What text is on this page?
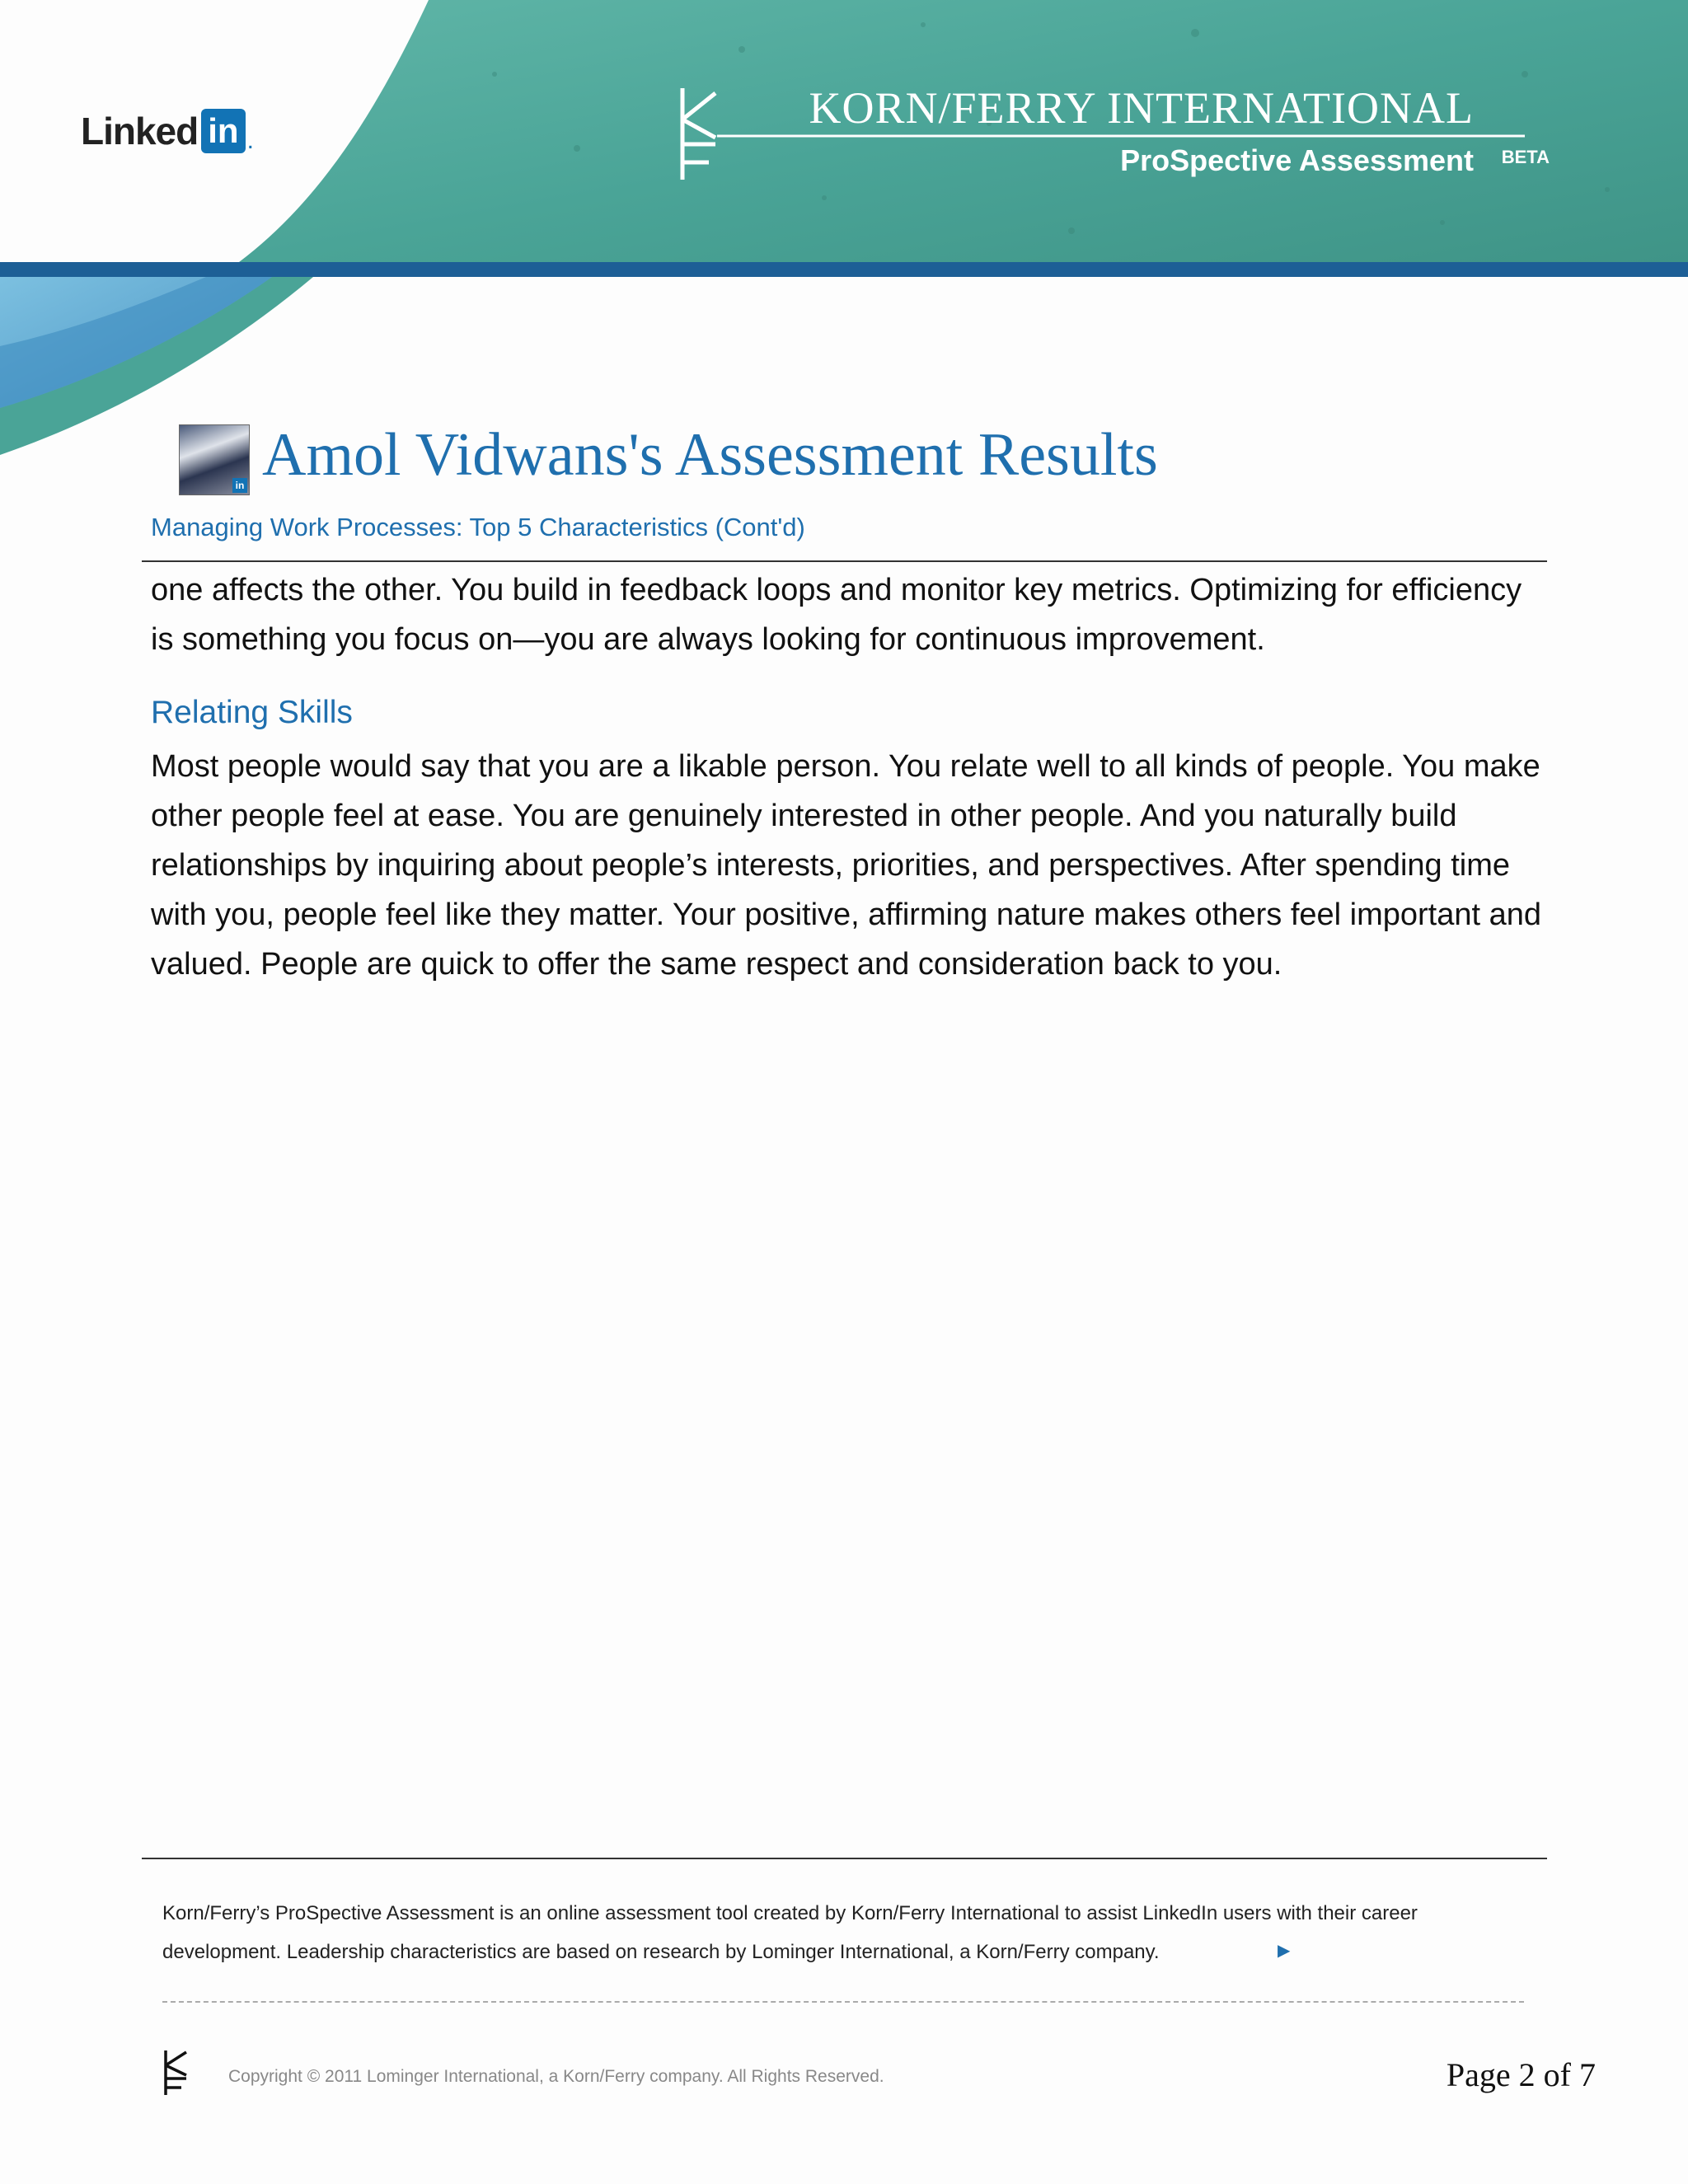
Linked in .
KORN/FERRY INTERNATIONAL
ProSpective Assessment BETA
in Amol Vidwans's Assessment Results
Managing Work Processes: Top 5 Characteristics (Cont'd)
one affects the other. You build in feedback loops and monitor key metrics. Optimizing for efficiency is something you focus on—you are always looking for continuous improvement.
Relating Skills
Most people would say that you are a likable person. You relate well to all kinds of people. You make other people feel at ease. You are genuinely interested in other people. And you naturally build relationships by inquiring about people’s interests, priorities, and perspectives. After spending time with you, people feel like they matter. Your positive, affirming nature makes others feel important and valued. People are quick to offer the same respect and consideration back to you.
Korn/Ferry’s ProSpective Assessment is an online assessment tool created by Korn/Ferry International to assist LinkedIn users with their career development. Leadership characteristics are based on research by Lominger International, a Korn/Ferry company.	▶
Copyright © 2011 Lominger International, a Korn/Ferry company. All Rights Reserved.	Page 2 of 7
